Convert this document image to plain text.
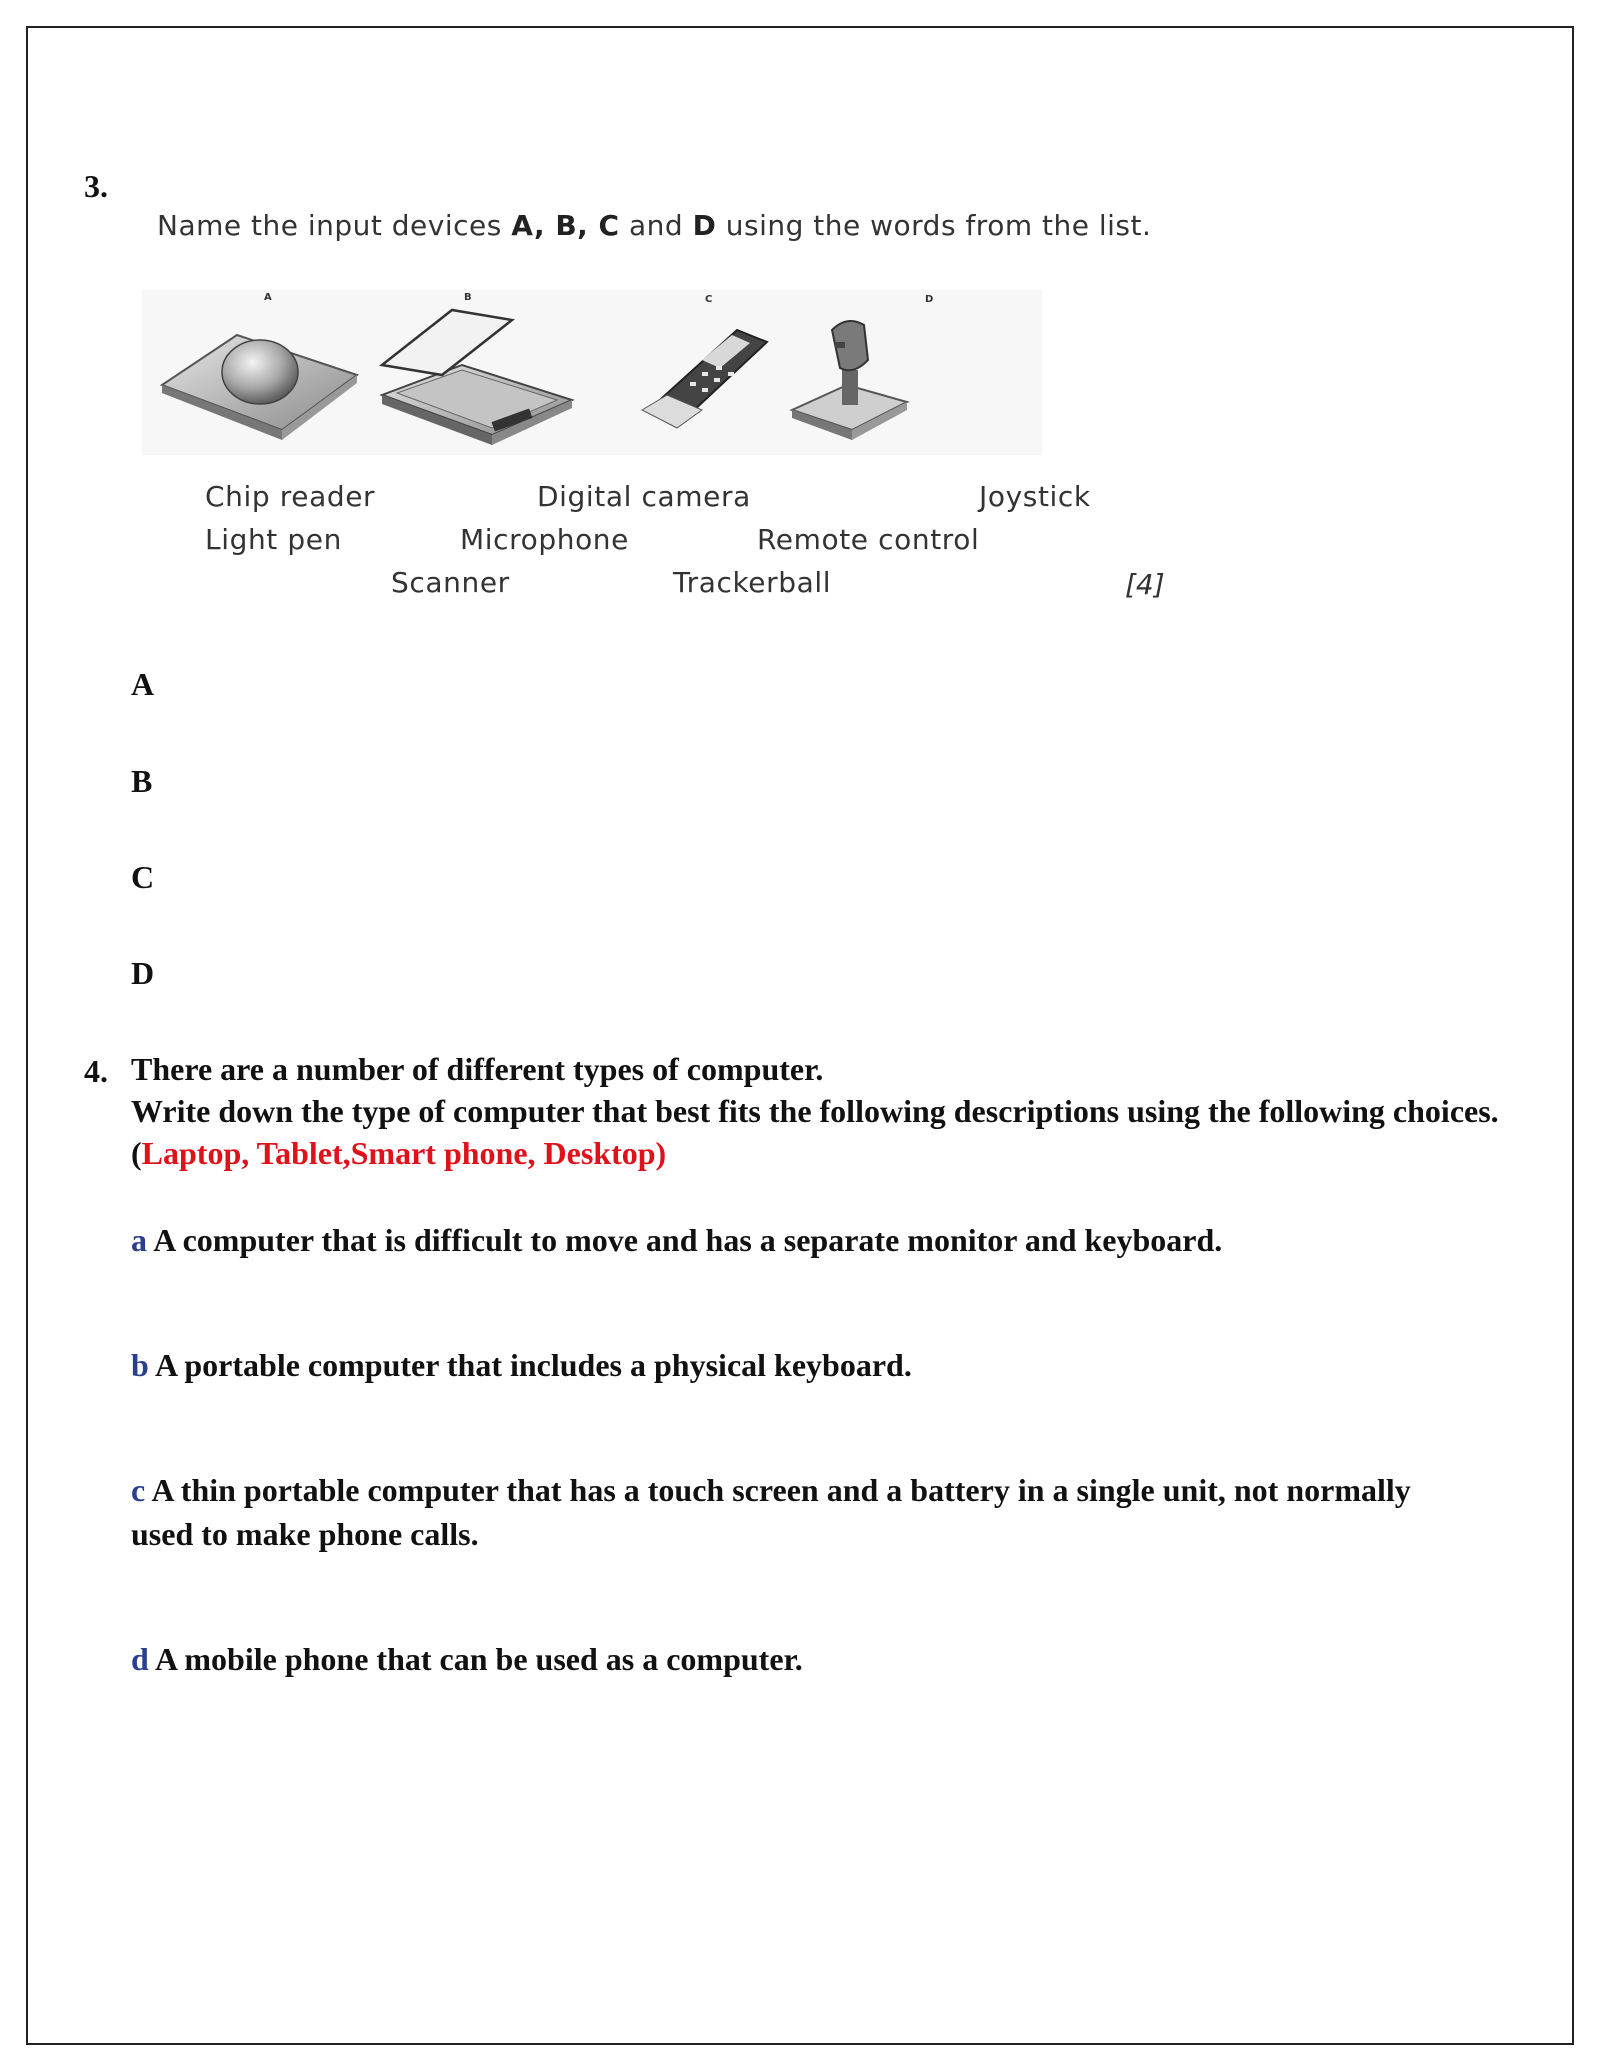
3.
Name the input devices A, B, C and D using the words from the list.
A	B	C	D
Chip reader	Digital camera	Joystick
Light pen	Microphone	Remote control
Scanner	Trackerball	[4]
A
B
C
D
4. There are a number of different types of computer.
Write down the type of computer that best fits the following descriptions using the following choices.
(Laptop, Tablet,Smart phone, Desktop)
a A computer that is difficult to move and has a separate monitor and keyboard.
b A portable computer that includes a physical keyboard.
c A thin portable computer that has a touch screen and a battery in a single unit, not normally used to make phone calls.
d A mobile phone that can be used as a computer.
